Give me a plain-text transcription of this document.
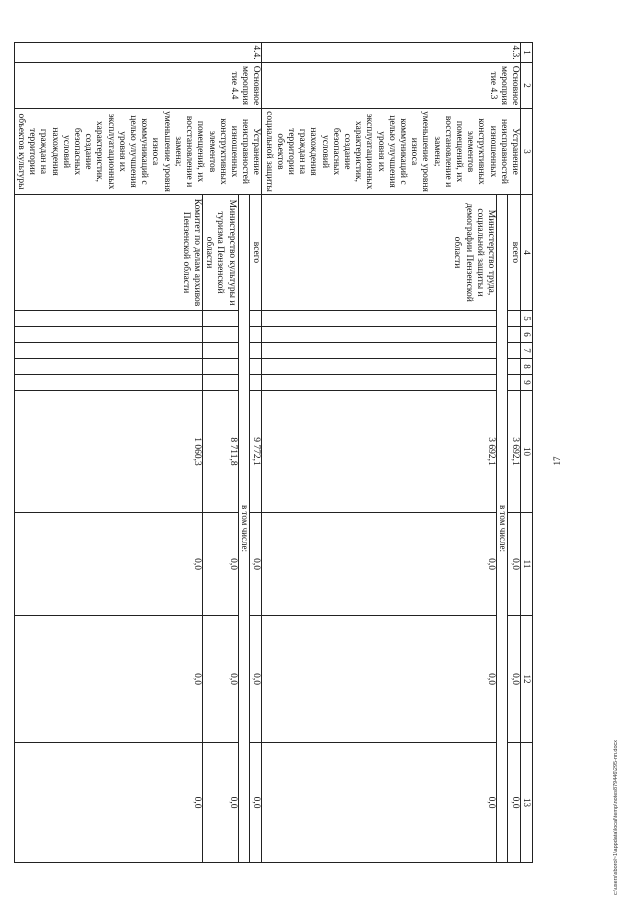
17
1	2	3	4	5	6	7	8	9	10	11	12	13
4.3.	Основное мероприятие 4.3	Устранение неисправностей изношенных конструктивных элементов помещений, их восстановление и замена; уменьшение уровня износа коммуникаций с целью улучшения уровня их эксплуатационных характеристик, создание безопасных условий нахождения граждан на территории объектов социальной защиты	всего						3 692,1	0,0	0,0	0,0
			в том числе:									
			Министерство труда, социальной защиты и демографии Пензенской области						3 692,1	0,0	0,0	0,0
4.4.	Основное мероприятие 4.4	Устранение неисправностей изношенных конструктивных элементов помещений, их восстановление и замена; уменьшение уровня износа коммуникаций с целью улучшения уровня их эксплуатационных характеристик, создание безопасных условий нахождения граждан на территории объектов культуры	всего						9 772,1	0,0	0,0	0,0
			в том числе:									
			Министерство культуры и туризма Пензенской области						8 711,8	0,0	0,0	0,0
			Комитет по делам архивов Пензенской области						1 060,3	0,0	0,0	0,0	c:\users\sborol~1\appdata\local\temp\notes879446\295-пп.docx
